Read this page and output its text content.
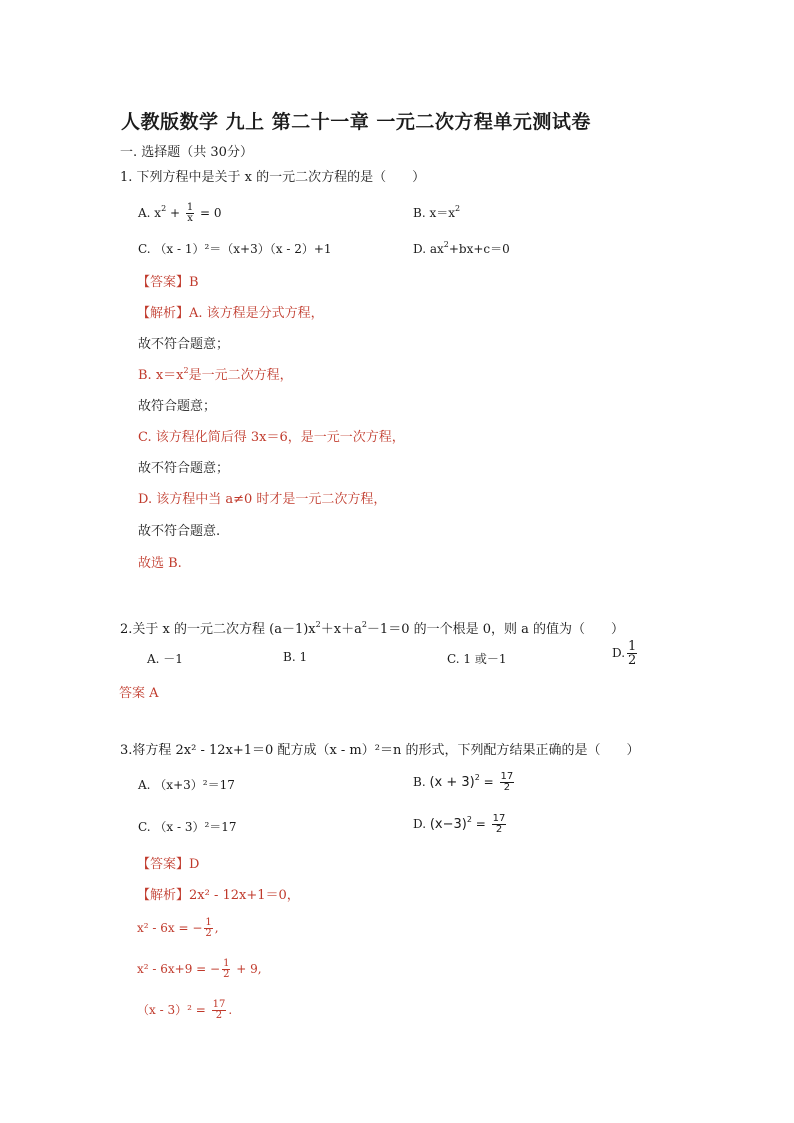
人教版数学 九上 第二十一章 一元二次方程单元测试卷
一. 选择题（共 30分）
1. 下列方程中是关于 x 的一元二次方程的是（　　）
A. $x^2 + \frac{1}{x} = 0$	B. $x=x^2$
C. （x - 1）²＝（x+3）（x - 2）+1	D. $ax^2+bx+c=0$
【答案】B
【解析】A. 该方程是分式方程，
故不符合题意；
B. $x=x^2$是一元二次方程，
故符合题意；
C. 该方程化简后得 3x＝6，是一元一次方程，
故不符合题意；
D. 该方程中当 a≠0 时才是一元二次方程，
故不符合题意.
故选 B.
2.关于 x 的一元二次方程 $(a-1)x^2+x+a^2-1=0$ 的一个根是 0，则 a 的值为（　　）
A. －1	B. 1	C. 1 或－1	D. $\frac{1}{2}$
答案 A
3.将方程 2x² - 12x+1＝0 配方成（x - m）²＝n 的形式，下列配方结果正确的是（　　）
A. （x+3）²＝17	B. $(x + 3)^2 = \frac{17}{2}$
C. （x - 3）²＝17	D. $(x-3)^2 = \frac{17}{2}$
【答案】D
【解析】2x² - 12x+1＝0，
x² - 6x = − $\frac{1}{2}$ ,
x² - 6x+9 = − $\frac{1}{2} + 9$,
$(x - 3)^2 = \frac{17}{2}$ .
